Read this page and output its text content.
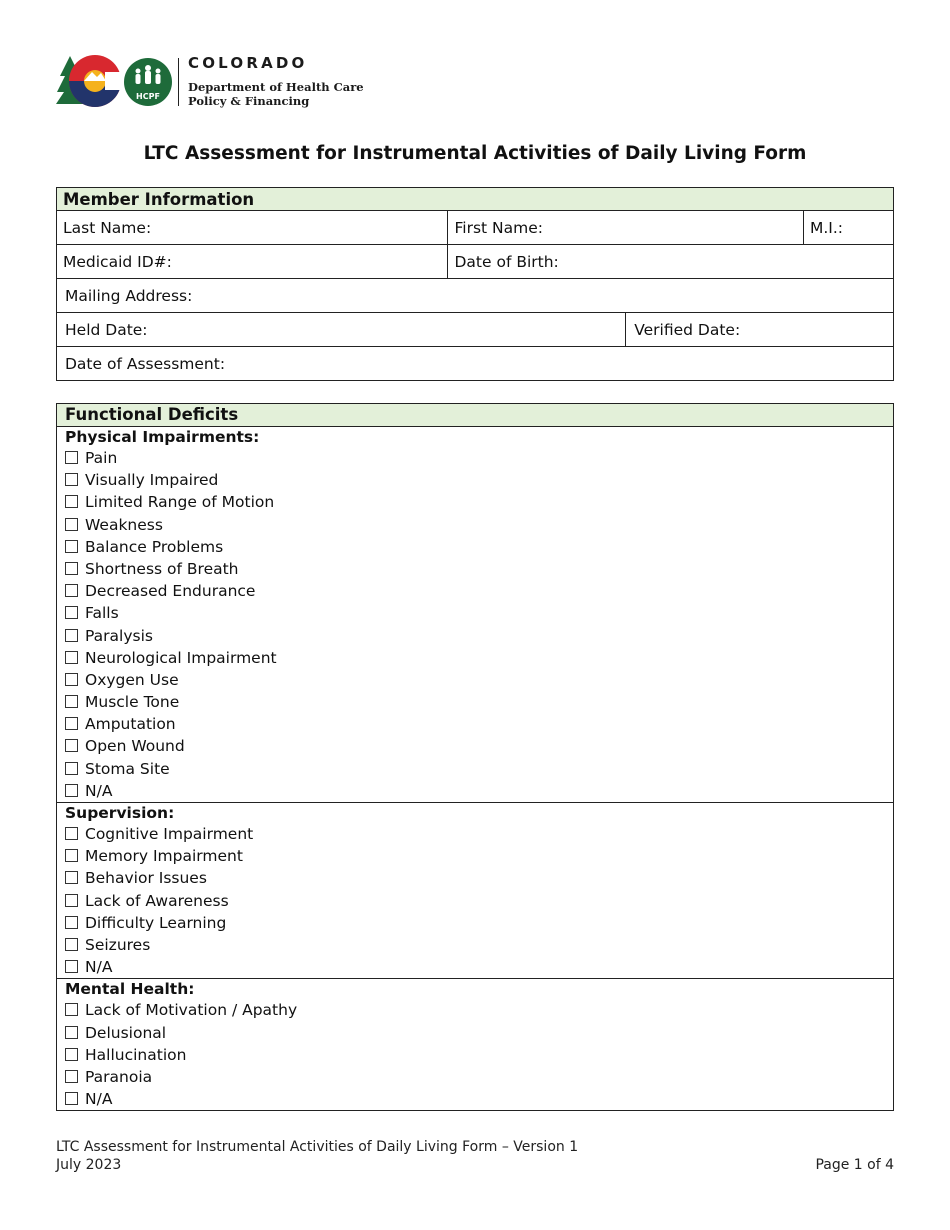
HCPF
COLORADO
Department of Health Care
Policy & Financing
LTC Assessment for Instrumental Activities of Daily Living Form
Member Information			
Last Name:	First Name:		M.I.:
Medicaid ID#:	Date of Birth:		
Mailing Address:			
Held Date:		Verified Date:	
Date of Assessment:			
Functional Deficits
Physical Impairments:
Pain
Visually Impaired
Limited Range of Motion
Weakness
Balance Problems
Shortness of Breath
Decreased Endurance
Falls
Paralysis
Neurological Impairment
Oxygen Use
Muscle Tone
Amputation
Open Wound
Stoma Site
N/A
Supervision:
Cognitive Impairment
Memory Impairment
Behavior Issues
Lack of Awareness
Difficulty Learning
Seizures
N/A
Mental Health:
Lack of Motivation / Apathy
Delusional
Hallucination
Paranoia
N/A
LTC Assessment for Instrumental Activities of Daily Living Form – Version 1
July 2023	Page 1 of 4
